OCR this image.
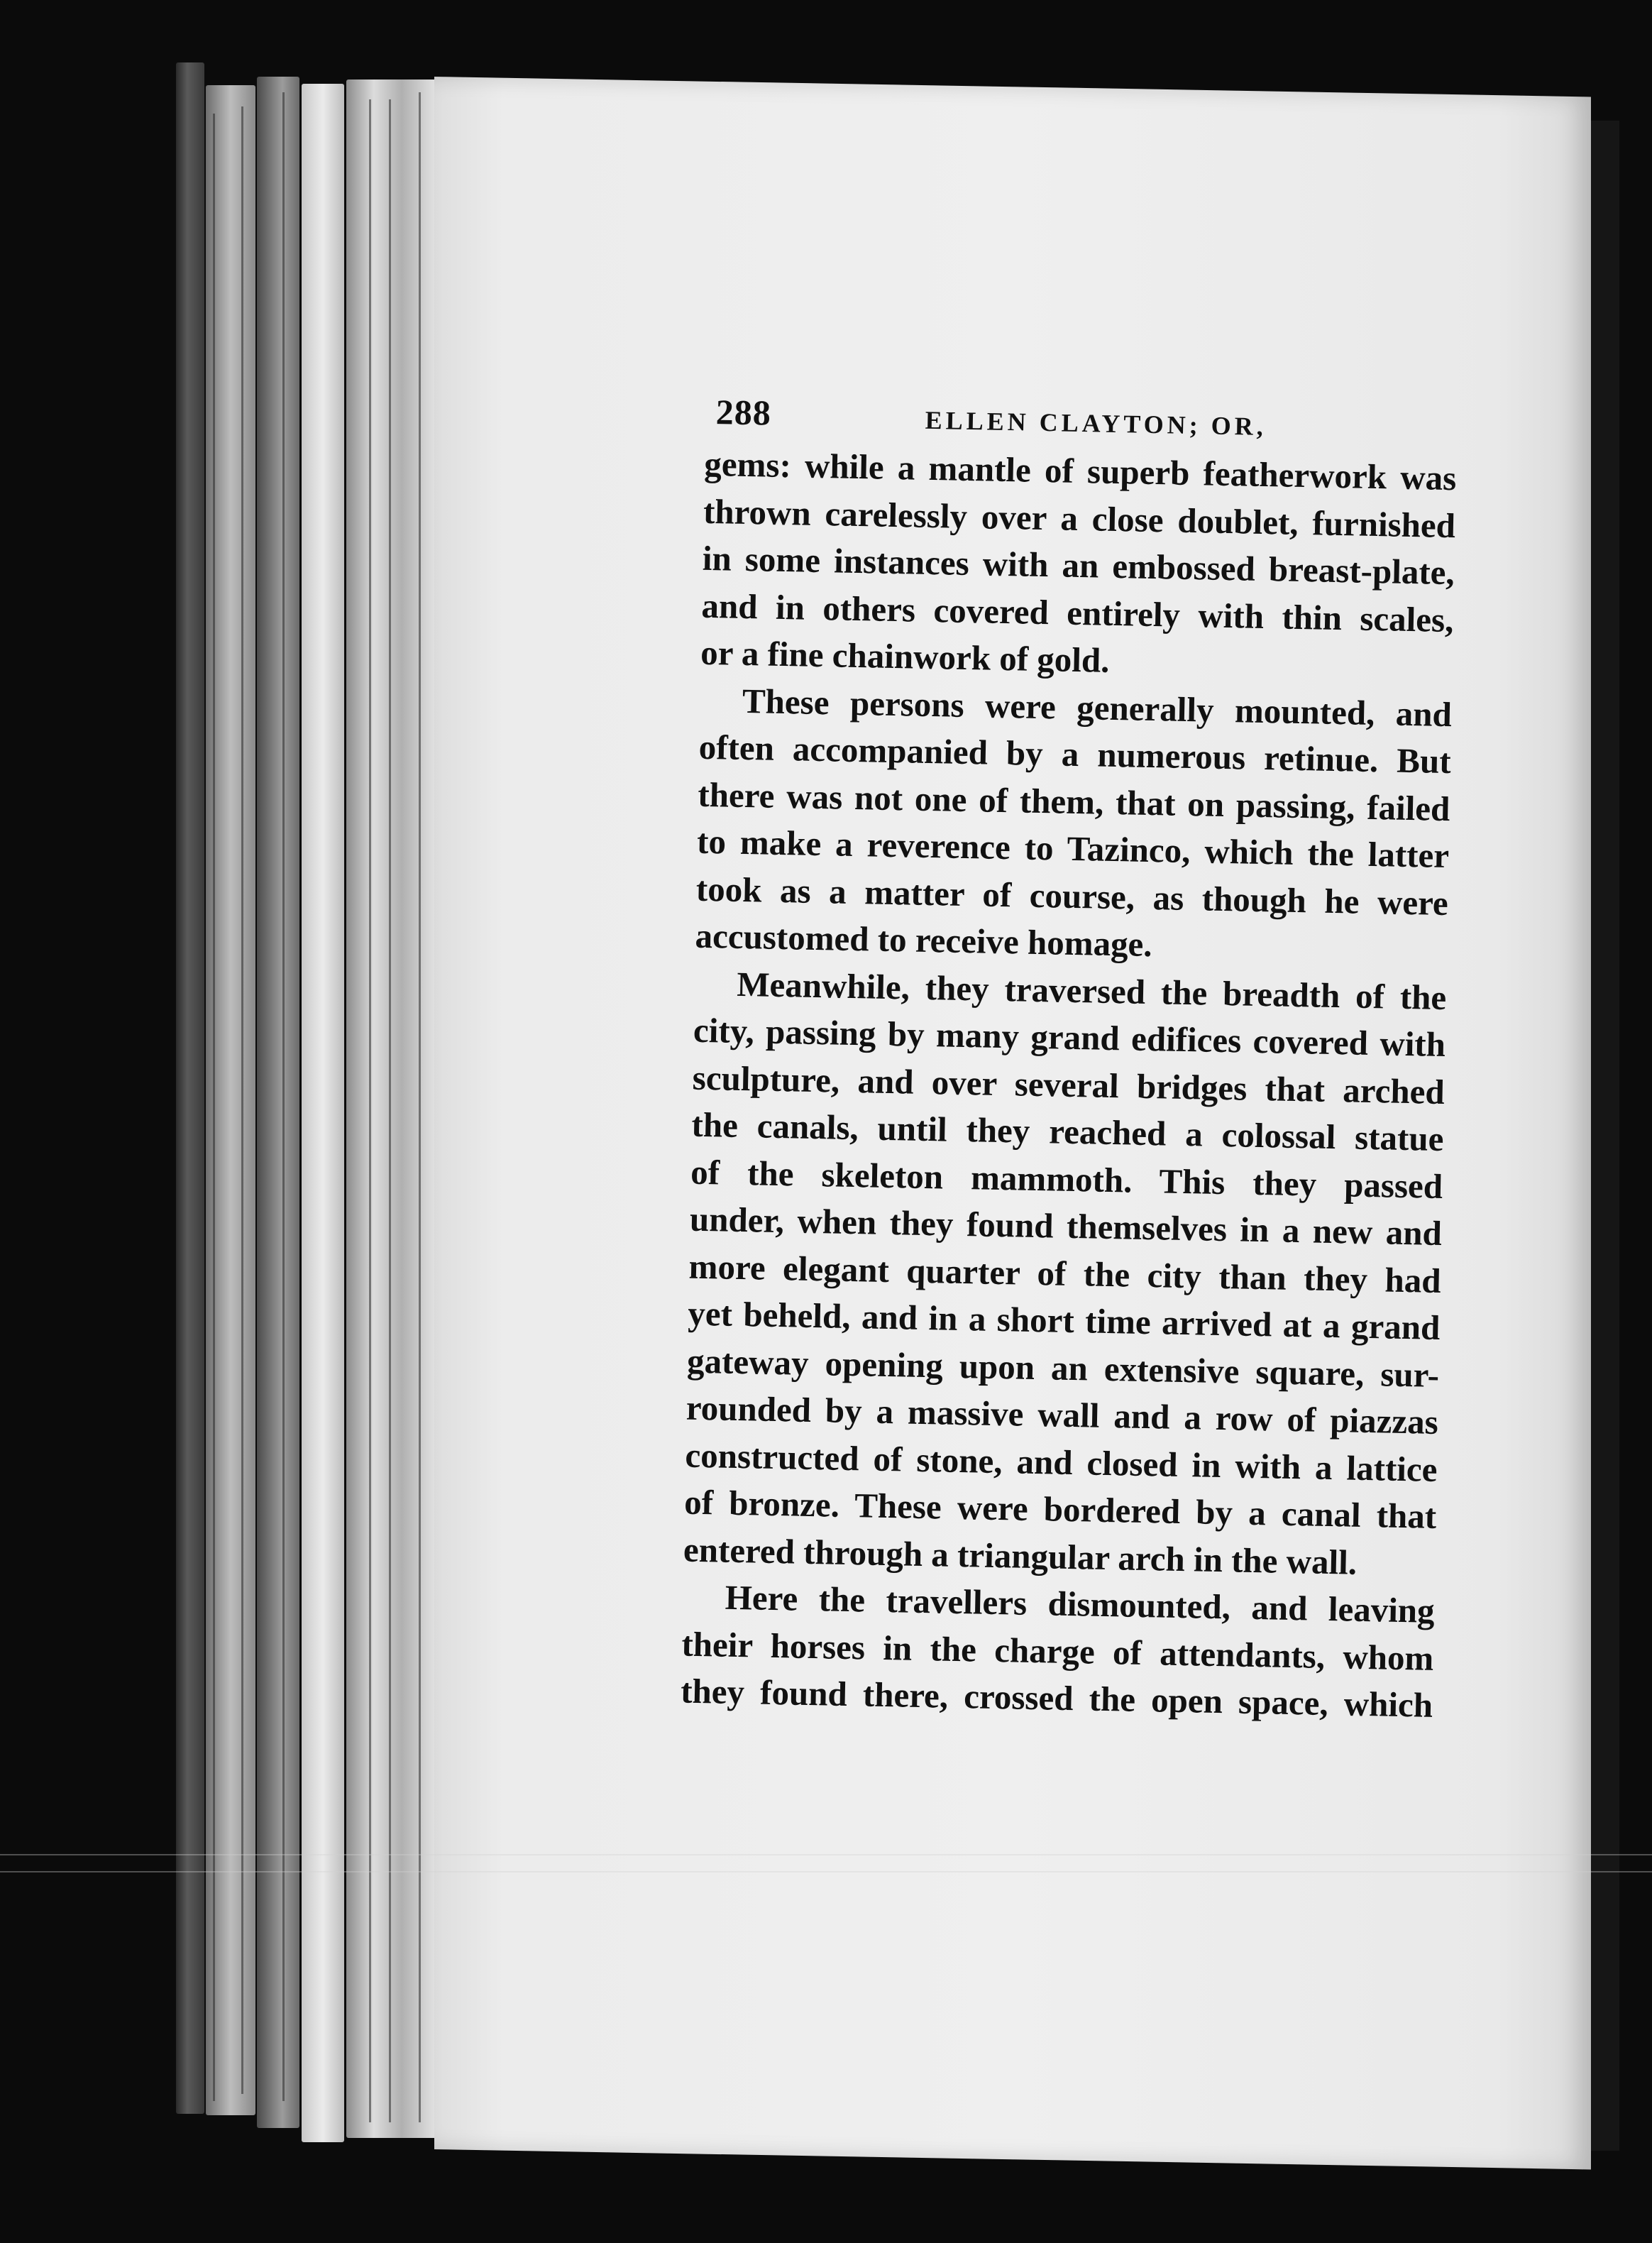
288	ELLEN CLAYTON; OR,
gems: while a mantle of superb featherwork was
thrown carelessly over a close doublet, furnished
in some instances with an embossed breast-plate,
and in others covered entirely with thin scales,
or a fine chainwork of gold.
These persons were generally mounted, and
often accompanied by a numerous retinue. But
there was not one of them, that on passing, failed
to make a reverence to Tazinco, which the latter
took as a matter of course, as though he were
accustomed to receive homage.
Meanwhile, they traversed the breadth of the
city, passing by many grand edifices covered with
sculpture, and over several bridges that arched
the canals, until they reached a colossal statue
of the skeleton mammoth. This they passed
under, when they found themselves in a new and
more elegant quarter of the city than they had
yet beheld, and in a short time arrived at a grand
gateway opening upon an extensive square, sur-
rounded by a massive wall and a row of piazzas
constructed of stone, and closed in with a lattice
of bronze. These were bordered by a canal that
entered through a triangular arch in the wall.
Here the travellers dismounted, and leaving
their horses in the charge of attendants, whom
they found there, crossed the open space, which
